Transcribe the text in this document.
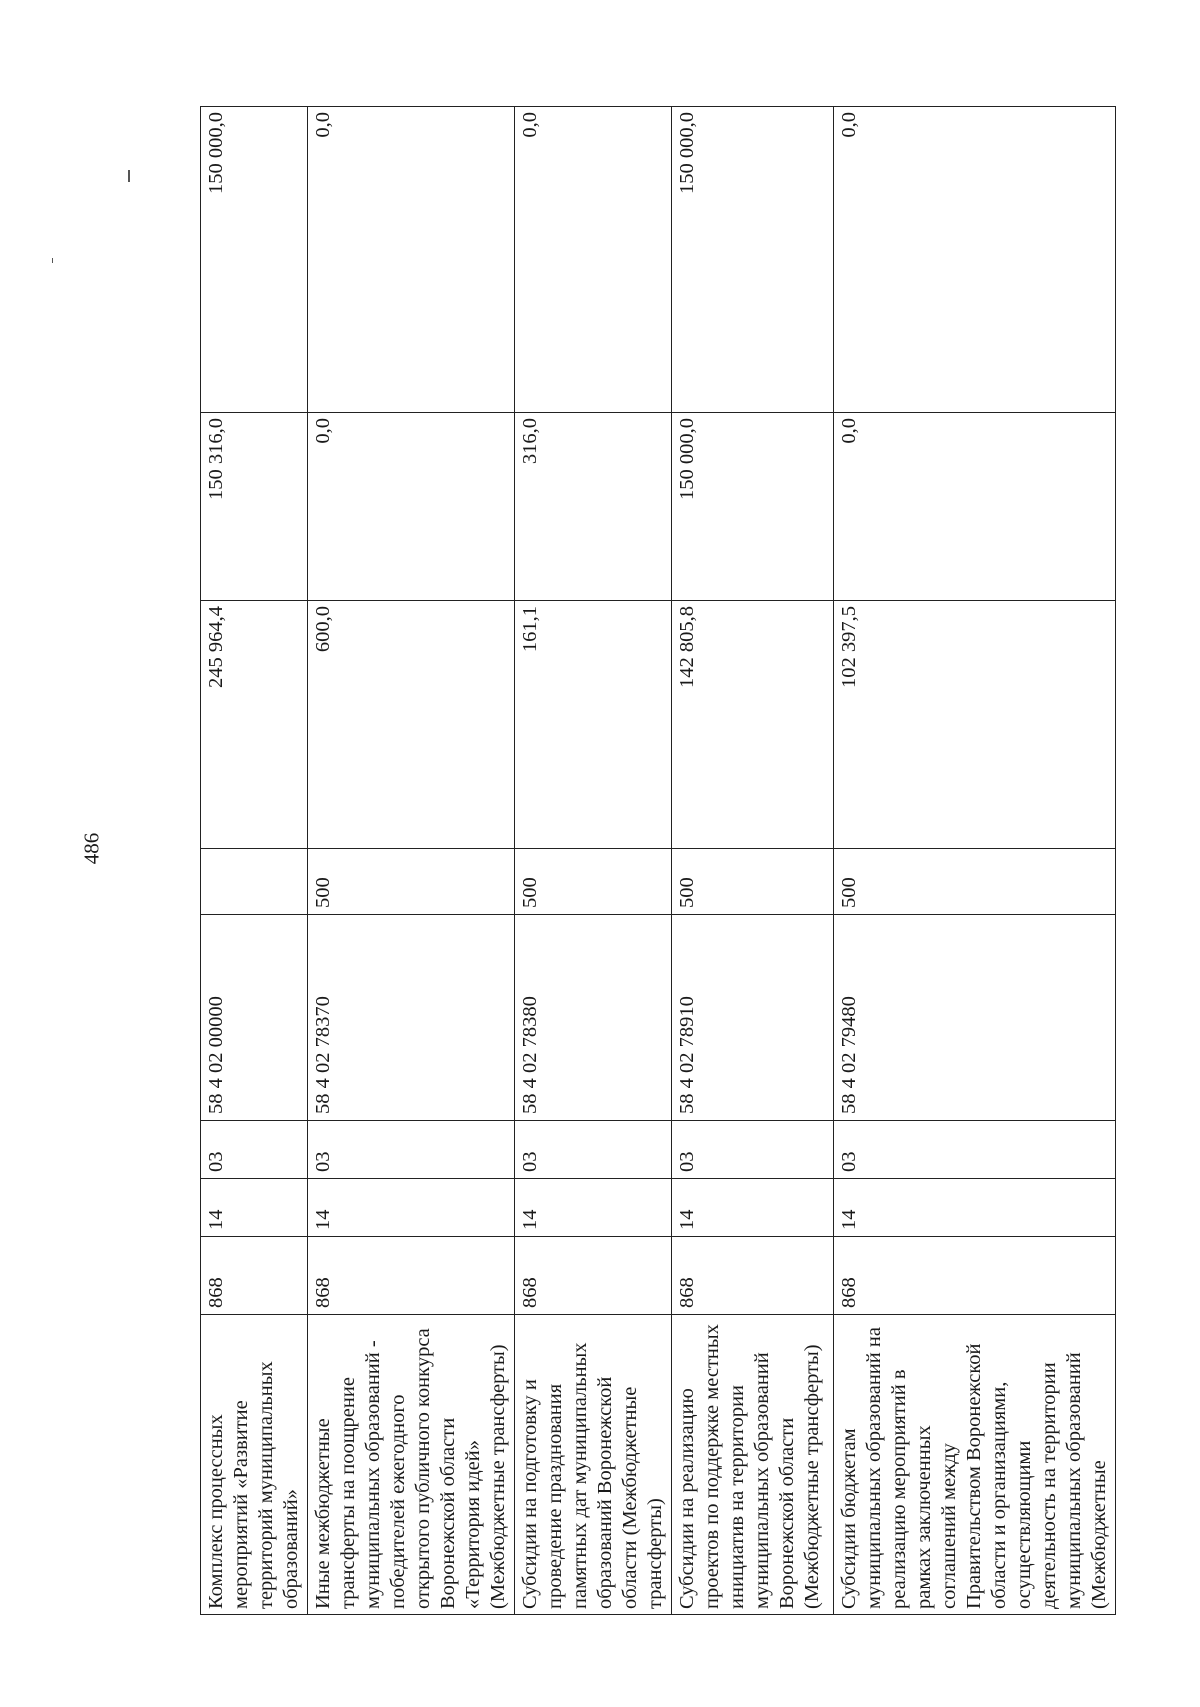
486
Комплекс процессных мероприятий «Развитие территорий муниципальных образований»	868	14	03	58 4 02 00000		245 964,4	150 316,0	150 000,0
Иные межбюджетные трансферты на поощрение муниципальных образований - победителей ежегодного открытого публичного конкурса Воронежской области «Территория идей» (Межбюджетные трансферты)	868	14	03	58 4 02 78370	500	600,0	0,0	0,0
Субсидии на подготовку и проведение празднования памятных дат муниципальных образований Воронежской области (Межбюджетные трансферты)	868	14	03	58 4 02 78380	500	161,1	316,0	0,0
Субсидии на реализацию проектов по поддержке местных инициатив на территории муниципальных образований Воронежской области (Межбюджетные трансферты)	868	14	03	58 4 02 78910	500	142 805,8	150 000,0	150 000,0
Субсидии бюджетам муниципальных образований на реализацию мероприятий в рамках заключенных соглашений между Правительством Воронежской области и организациями, осуществляющими деятельность на территории муниципальных образований (Межбюджетные	868	14	03	58 4 02 79480	500	102 397,5	0,0	0,0
